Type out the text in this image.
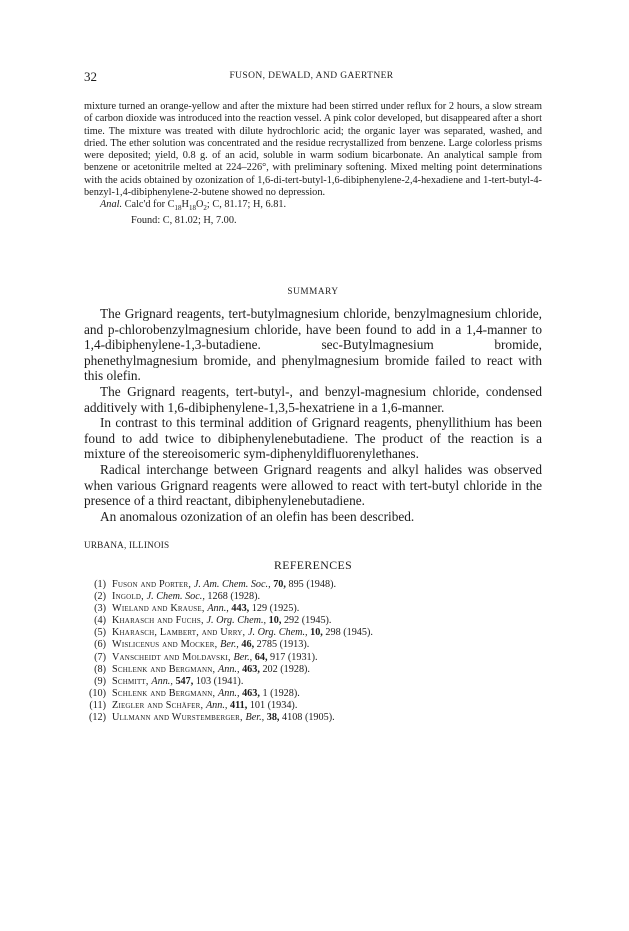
32	FUSON, DEWALD, AND GAERTNER

mixture turned an orange-yellow and after the mixture had been stirred under reflux for 2 hours, a slow stream of carbon dioxide was introduced into the reaction vessel. A pink color developed, but disappeared after a short time. The mixture was treated with dilute hydrochloric acid; the organic layer was separated, washed, and dried. The ether solution was concentrated and the residue recrystallized from benzene. Large colorless prisms were deposited; yield, 0.8 g. of an acid, soluble in warm sodium bicarbonate. An analytical sample from benzene or acetonitrile melted at 224–226°, with preliminary softening. Mixed melting point determinations with the acids obtained by ozonization of 1,6-di-tert-butyl-1,6-dibiphenylene-2,4-hexadiene and 1-tert-butyl-4-benzyl-1,4-dibiphenylene-2-butene showed no depression.

Anal. Calc'd for $C_{18}H_{18}O_2$; C, 81.17; H, 6.81.

Found: C, 81.02; H, 7.00.

SUMMARY

The Grignard reagents, tert-butylmagnesium chloride, benzylmagnesium chloride, and p-chlorobenzylmagnesium chloride, have been found to add in a 1,4-manner to 1,4-dibiphenylene-1,3-butadiene. sec-Butylmagnesium bromide, phenethylmagnesium bromide, and phenylmagnesium bromide failed to react with this olefin.

The Grignard reagents, tert-butyl-, and benzyl-magnesium chloride, condensed additively with 1,6-dibiphenylene-1,3,5-hexatriene in a 1,6-manner.

In contrast to this terminal addition of Grignard reagents, phenyllithium has been found to add twice to dibiphenylenebutadiene. The product of the reaction is a mixture of the stereoisomeric sym-diphenyldifluorenylethanes.

Radical interchange between Grignard reagents and alkyl halides was observed when various Grignard reagents were allowed to react with tert-butyl chloride in the presence of a third reactant, dibiphenylenebutadiene.

An anomalous ozonization of an olefin has been described.

URBANA, ILLINOIS
REFERENCES
(1) Fuson and Porter, J. Am. Chem. Soc., 70, 895 (1948).
(2) Ingold, J. Chem. Soc., 1268 (1928).
(3) Wieland and Krause, Ann., 443, 129 (1925).
(4) Kharasch and Fuchs, J. Org. Chem., 10, 292 (1945).
(5) Kharasch, Lambert, and Urry, J. Org. Chem., 10, 298 (1945).
(6) Wislicenus and Mocker, Ber., 46, 2785 (1913).
(7) Vanscheidt and Moldavski, Ber., 64, 917 (1931).
(8) Schlenk and Bergmann, Ann., 463, 202 (1928).
(9) Schmitt, Ann., 547, 103 (1941).
(10) Schlenk and Bergmann, Ann., 463, 1 (1928).
(11) Ziegler and Schäfer, Ann., 411, 101 (1934).
(12) Ullmann and Wurstemberger, Ber., 38, 4108 (1905).
